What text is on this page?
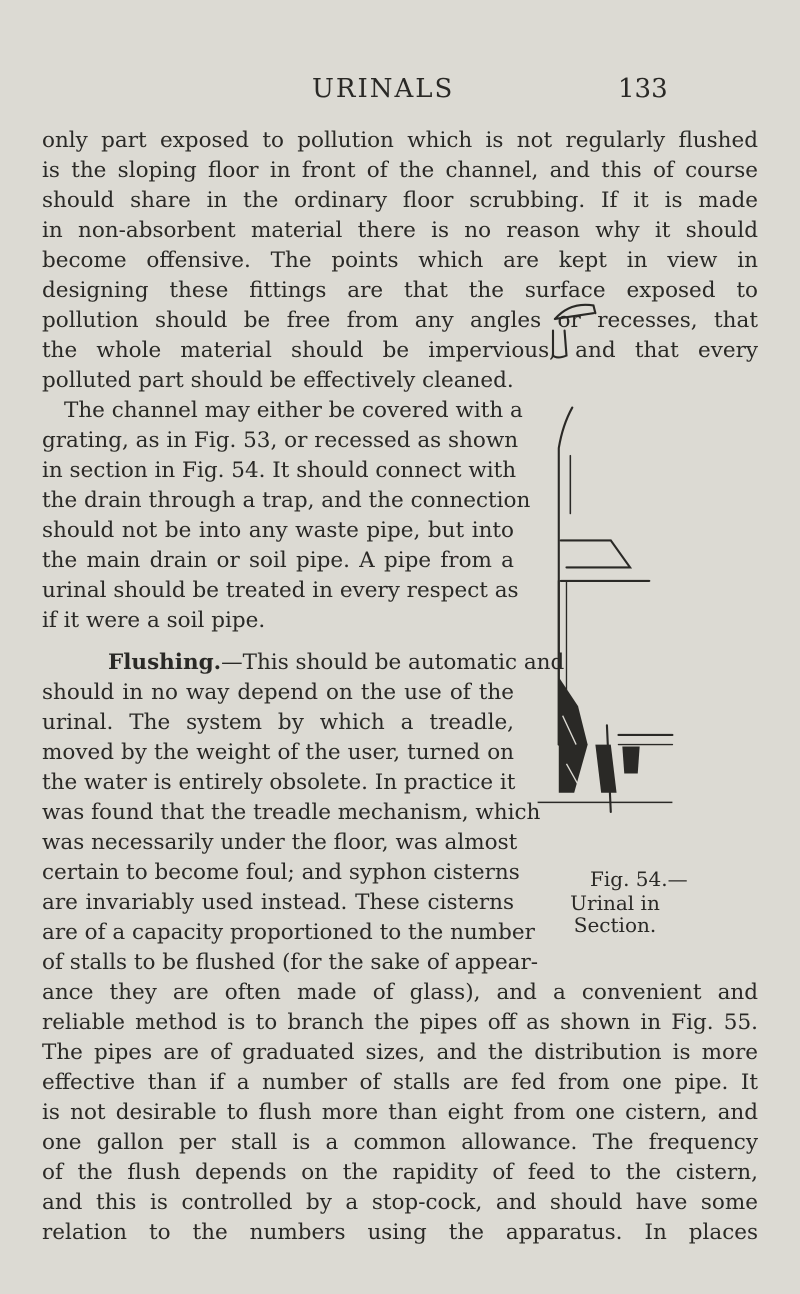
URINALS	133
only part exposed to pollution which is not regularly flushed
is the sloping floor in front of the channel, and this of course
should share in the ordinary floor scrubbing. If it is made
in non-absorbent material there is no reason why it should
become offensive. The points which are kept in view in
designing these fittings are that the surface exposed to
pollution should be free from any angles or recesses, that
the whole material should be impervious, and that every
polluted part should be effectively cleaned.
The channel may either be covered with a
grating, as in Fig. 53, or recessed as shown
in section in Fig. 54. It should connect with
the drain through a trap, and the connection
should not be into any waste pipe, but into
the main drain or soil pipe. A pipe from a
urinal should be treated in every respect as
if it were a soil pipe.
Flushing.—This should be automatic and
should in no way depend on the use of the
urinal. The system by which a treadle,
moved by the weight of the user, turned on
the water is entirely obsolete. In practice it
was found that the treadle mechanism, which
was necessarily under the floor, was almost
certain to become foul; and syphon cisterns
are invariably used instead. These cisterns
are of a capacity proportioned to the number
of stalls to be flushed (for the sake of appear-
ance they are often made of glass), and a convenient and
reliable method is to branch the pipes off as shown in Fig. 55.
The pipes are of graduated sizes, and the distribution is more
effective than if a number of stalls are fed from one pipe. It
is not desirable to flush more than eight from one cistern, and
one gallon per stall is a common allowance. The frequency
of the flush depends on the rapidity of feed to the cistern,
and this is controlled by a stop-cock, and should have some
relation to the numbers using the apparatus. In places
Fig. 54.—
Urinal in
Section.
